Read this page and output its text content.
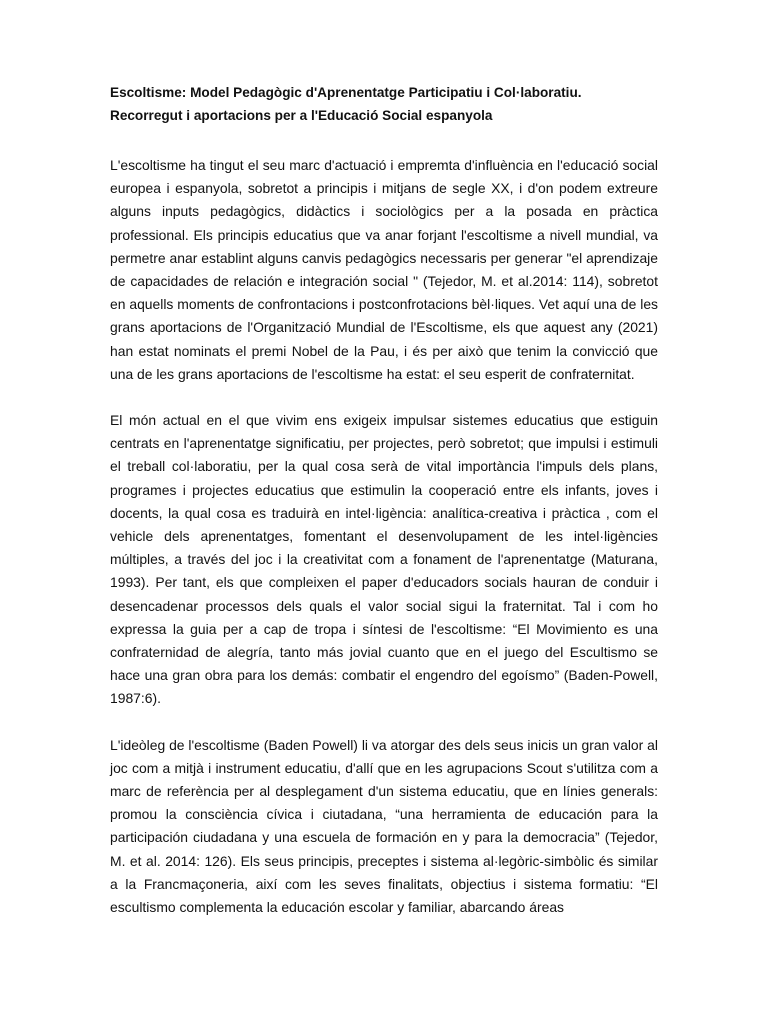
Escoltisme: Model Pedagògic d'Aprenentatge Participatiu i Col·laboratiu.
Recorregut i aportacions per a l'Educació Social espanyola

L'escoltisme ha tingut el seu marc d'actuació i empremta d'influència en l'educació social europea i espanyola, sobretot a principis i mitjans de segle XX, i d'on podem extreure alguns inputs pedagògics, didàctics i sociològics per a la posada en pràctica professional. Els principis educatius que va anar forjant l'escoltisme a nivell mundial, va permetre anar establint alguns canvis pedagògics necessaris per generar "el aprendizaje de capacidades de relación e integración social " (Tejedor, M. et al.2014: 114), sobretot en aquells moments de confrontacions i postconfrotacions bèl·liques. Vet aquí una de les grans aportacions de l'Organització Mundial de l'Escoltisme, els que aquest any (2021) han estat nominats el premi Nobel de la Pau, i és per això que tenim la convicció que una de les grans aportacions de l'escoltisme ha estat: el seu esperit de confraternitat.

El món actual en el que vivim ens exigeix impulsar sistemes educatius que estiguin centrats en l'aprenentatge significatiu, per projectes, però sobretot; que impulsi i estimuli el treball col·laboratiu, per la qual cosa serà de vital importància l'impuls dels plans, programes i projectes educatius que estimulin la cooperació entre els infants, joves i docents, la qual cosa es traduirà en intel·ligència: analítica-creativa i pràctica , com el vehicle dels aprenentatges, fomentant el desenvolupament de les intel·ligències múltiples, a través del joc i la creativitat com a fonament de l'aprenentatge (Maturana, 1993). Per tant, els que compleixen el paper d'educadors socials hauran de conduir i desencadenar processos dels quals el valor social sigui la fraternitat. Tal i com ho expressa la guia per a cap de tropa i síntesi de l'escoltisme: “El Movimiento es una confraternidad de alegría, tanto más jovial cuanto que en el juego del Escultismo se hace una gran obra para los demás: combatir el engendro del egoísmo” (Baden-Powell, 1987:6).

L'ideòleg de l'escoltisme (Baden Powell) li va atorgar des dels seus inicis un gran valor al joc com a mitjà i instrument educatiu, d'allí que en les agrupacions Scout s'utilitza com a marc de referència per al desplegament d'un sistema educatiu, que en línies generals: promou la consciència cívica i ciutadana, “una herramienta de educación para la participación ciudadana y una escuela de formación en y para la democracia” (Tejedor, M. et al. 2014: 126). Els seus principis, preceptes i sistema al·legòric-simbòlic és similar a la Francmaçoneria, així com les seves finalitats, objectius i sistema formatiu: “El escultismo complementa la educación escolar y familiar, abarcando áreas
